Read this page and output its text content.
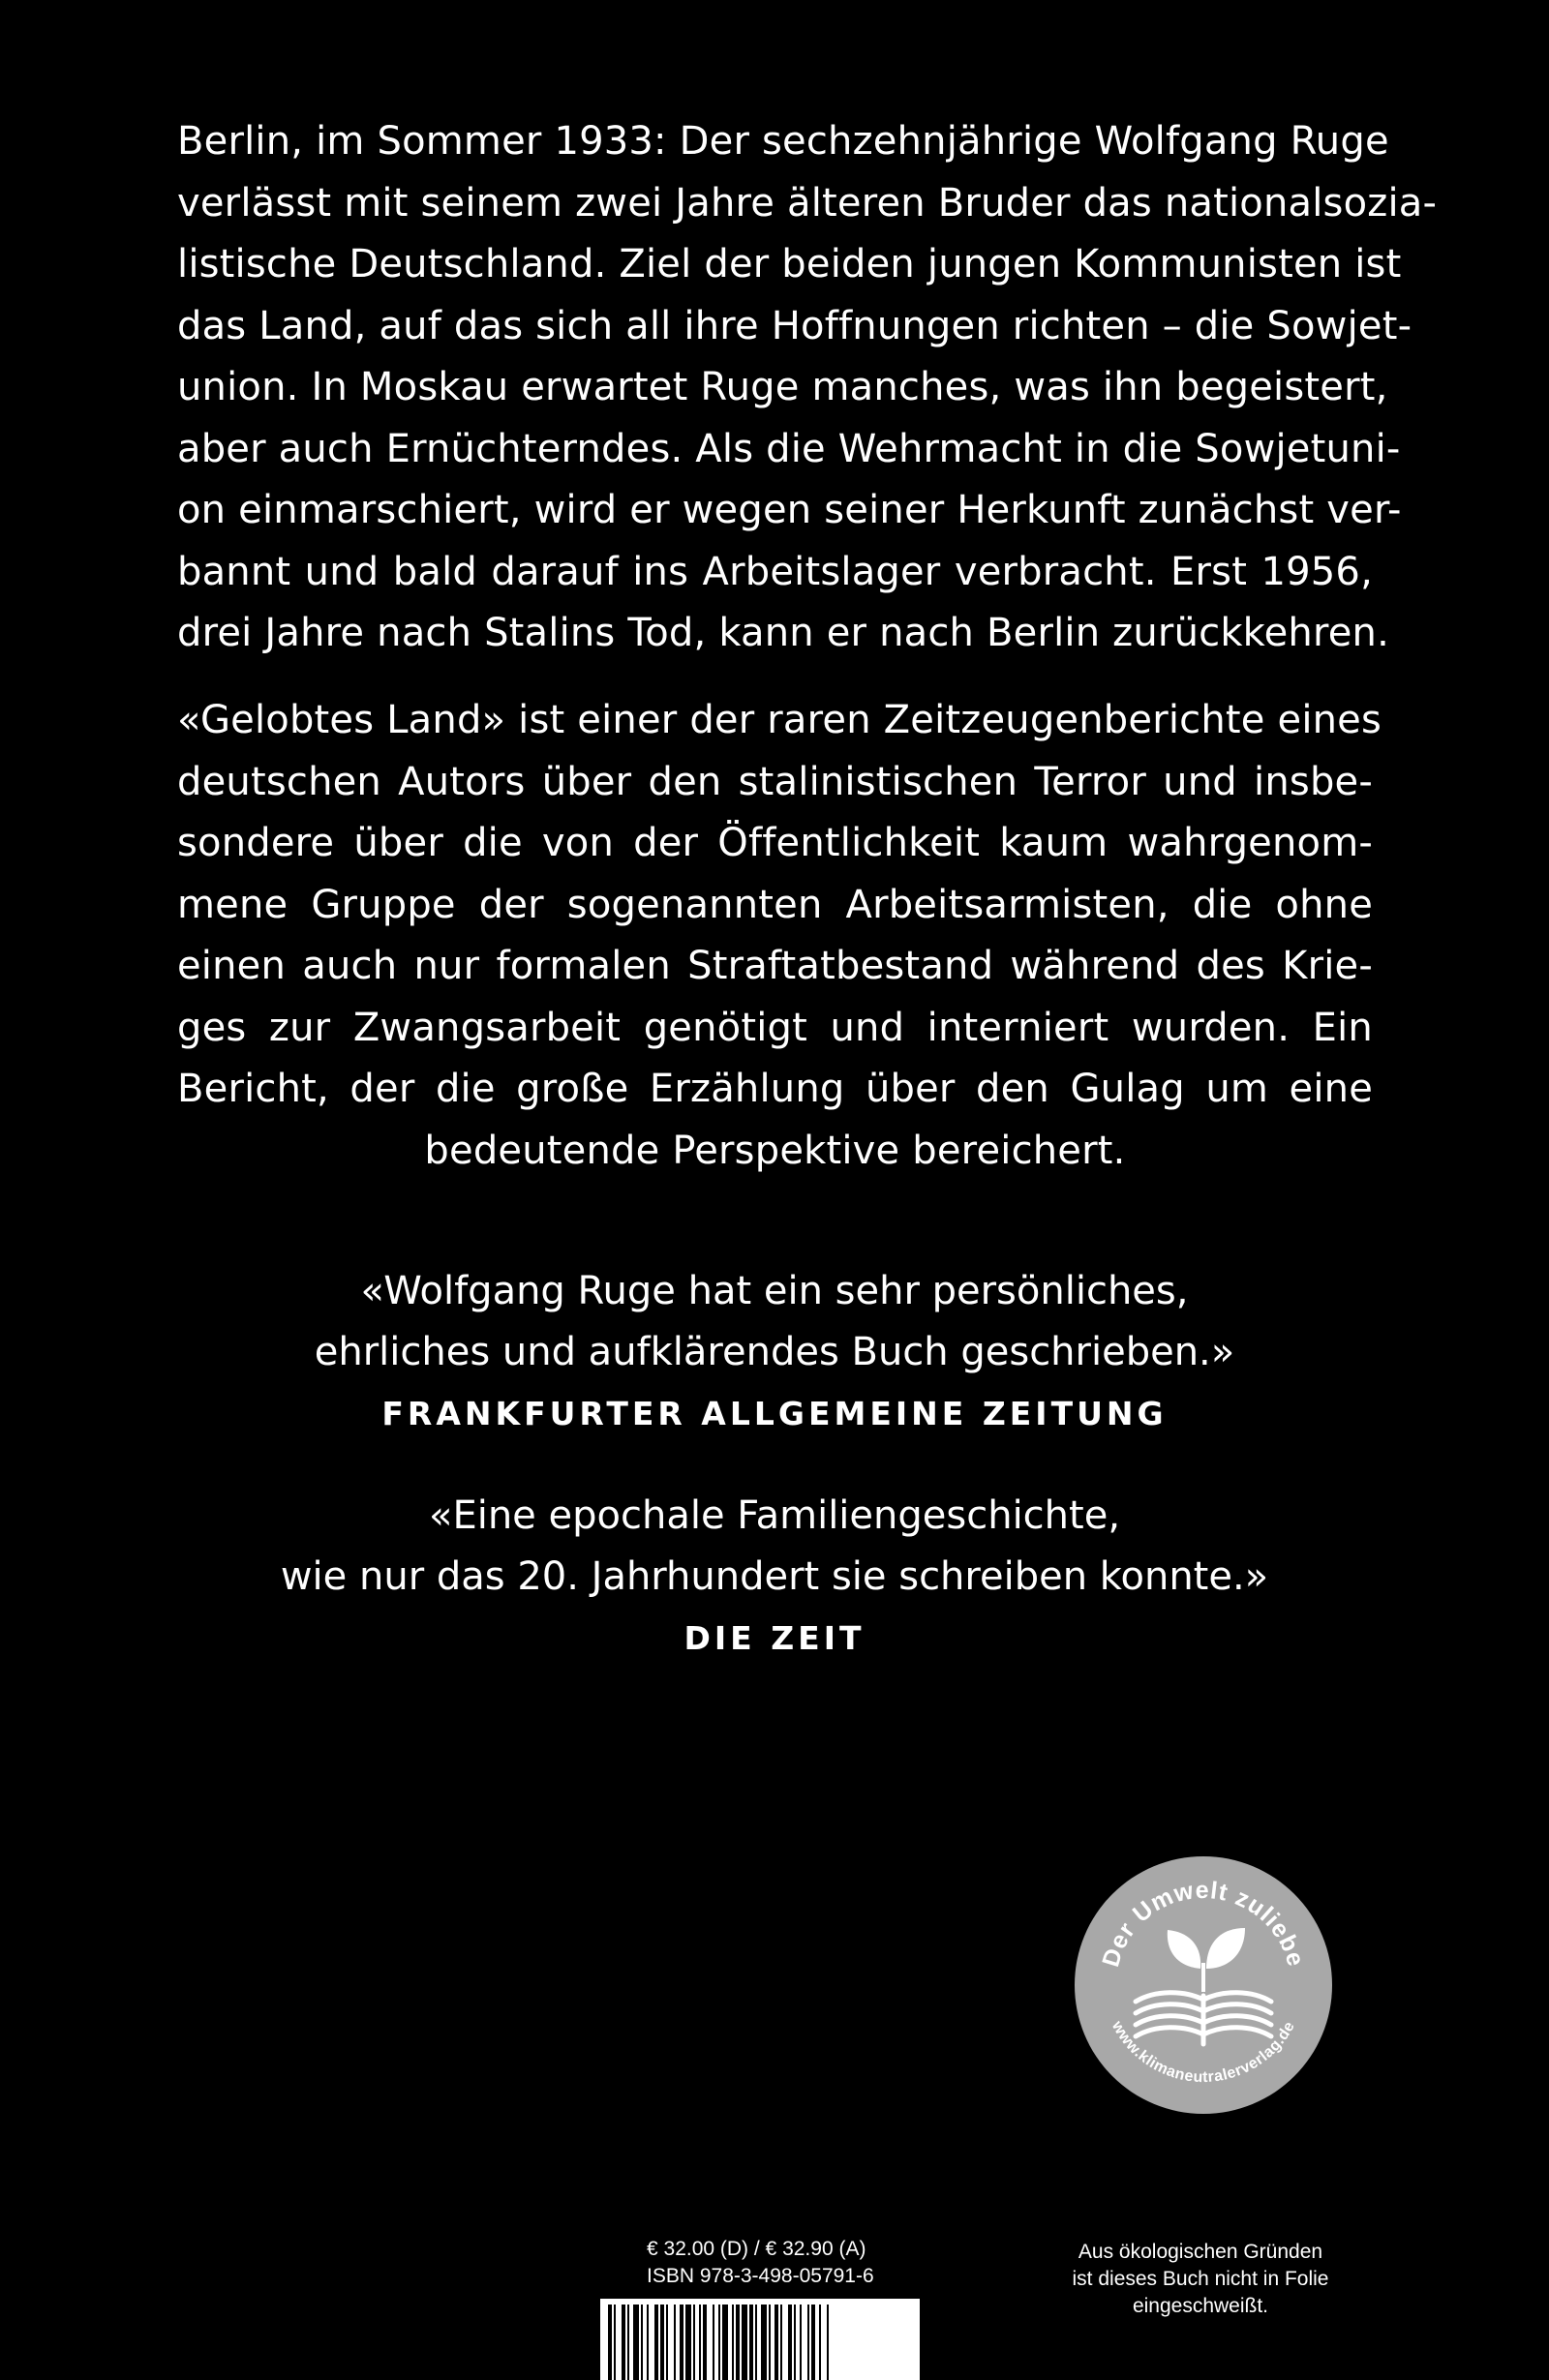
Berlin, im Sommer 1933: Der sechzehnjährige Wolfgang Ruge
verlässt mit seinem zwei Jahre älteren Bruder das nationalsozia-
listische Deutschland. Ziel der beiden jungen Kommunisten ist
das Land, auf das sich all ihre Hoffnungen richten – die Sowjet-
union. In Moskau erwartet Ruge manches, was ihn begeistert,
aber auch Ernüchterndes. Als die Wehrmacht in die Sowjetuni-
on einmarschiert, wird er wegen seiner Herkunft zunächst ver-
bannt und bald darauf ins Arbeitslager verbracht. Erst 1956,
drei Jahre nach Stalins Tod, kann er nach Berlin zurückkehren.
«Gelobtes Land» ist einer der raren Zeitzeugenberichte eines
deutschen Autors über den stalinistischen Terror und insbe-
sondere über die von der Öffentlichkeit kaum wahrgenom-
mene Gruppe der sogenannten Arbeitsarmisten, die ohne
einen auch nur formalen Straftatbestand während des Krie-
ges zur Zwangsarbeit genötigt und interniert wurden. Ein
Bericht, der die große Erzählung über den Gulag um eine
bedeutende Perspektive bereichert.
«Wolfgang Ruge hat ein sehr persönliches,
ehrliches und aufklärendes Buch geschrieben.»
FRANKFURTER ALLGEMEINE ZEITUNG
«Eine epochale Familiengeschichte,
wie nur das 20. Jahrhundert sie schreiben konnte.»
DIE ZEIT
Der Umwelt zuliebe
www.klimaneutralerverlag.de
€ 32.00 (D) / € 32.90 (A)
ISBN 978-3-498-05791-6
Aus ökologischen Gründen
ist dieses Buch nicht in Folie
eingeschweißt.
